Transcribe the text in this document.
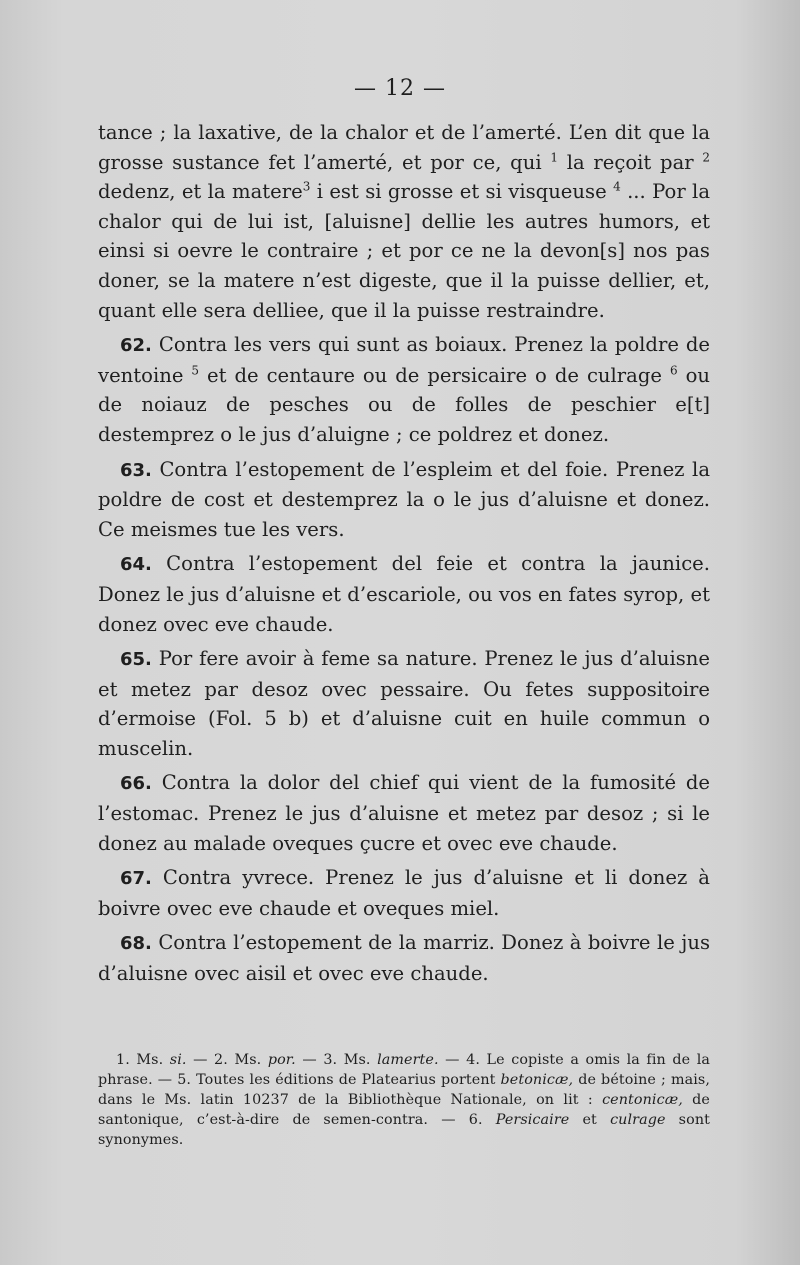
— 12 —

tance ; la laxative, de la chalor et de l’amerté. L’en dit que la grosse sustance fet l’amerté, et por ce, qui $^1$ la reçoit par $^2$ dedenz, et la matere$^3$ i est si grosse et si visqueuse $^4$ ... Por la chalor qui de lui ist, [aluisne] dellie les autres humors, et einsi si oevre le contraire ; et por ce ne la devon[s] nos pas doner, se la matere n’est digeste, que il la puisse dellier, et, quant elle sera delliee, que il la puisse restraindre.

62. Contra les vers qui sunt as boiaux. Prenez la poldre de ventoine $^5$ et de centaure ou de persicaire o de culrage $^6$ ou de noiauz de pesches ou de folles de peschier e[t] destemprez o le jus d’aluigne ; ce poldrez et donez.

63. Contra l’estopement de l’espleim et del foie. Prenez la poldre de cost et destemprez la o le jus d’aluisne et donez. Ce meismes tue les vers.

64. Contra l’estopement del feie et contra la jaunice. Donez le jus d’aluisne et d’escariole, ou vos en fates syrop, et donez ovec eve chaude.

65. Por fere avoir à feme sa nature. Prenez le jus d’aluisne et metez par desoz ovec pessaire. Ou fetes suppositoire d’ermoise (Fol. 5 b) et d’aluisne cuit en huile commun o muscelin.

66. Contra la dolor del chief qui vient de la fumosité de l’estomac. Prenez le jus d’aluisne et metez par desoz ; si le donez au malade oveques çucre et ovec eve chaude.

67. Contra yvrece. Prenez le jus d’aluisne et li donez à boivre ovec eve chaude et oveques miel.

68. Contra l’estopement de la marriz. Donez à boivre le jus d’aluisne ovec aisil et ovec eve chaude.

1. Ms. si. — 2. Ms. por. — 3. Ms. lamerte. — 4. Le copiste a omis la fin de la phrase. — 5. Toutes les éditions de Platearius portent betonicæ, de bétoine ; mais, dans le Ms. latin 10237 de la Bibliothèque Nationale, on lit : centonicæ, de santonique, c’est-à-dire de semen-contra. — 6. Persicaire et culrage sont synonymes.
